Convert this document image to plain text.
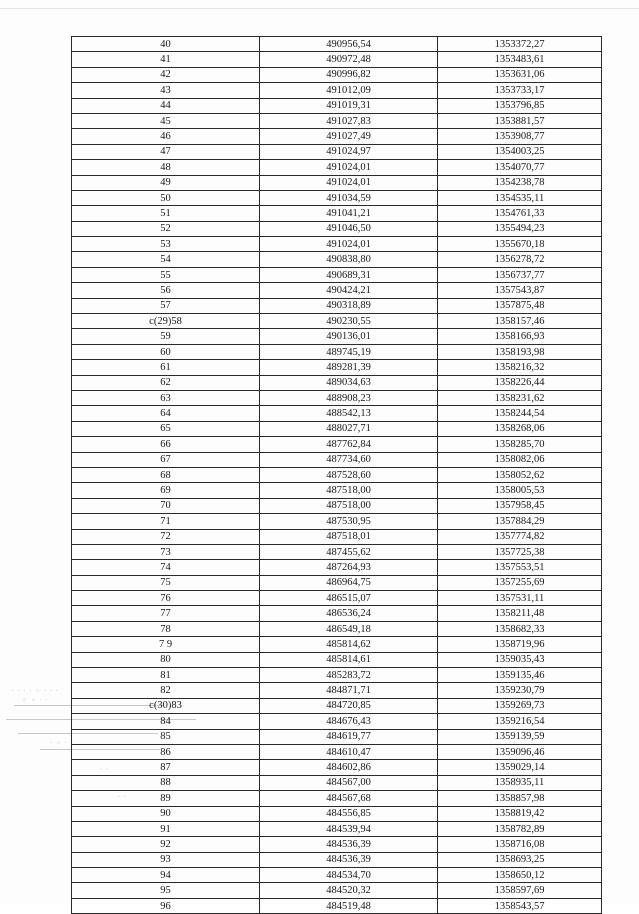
· · · · ⁘ · · ·
⁘ ⁘ · ·
· ⁘ · ·
· ·
· ·
40	490956,54	1353372,27
41	490972,48	1353483,61
42	490996,82	1353631,06
43	491012,09	1353733,17
44	491019,31	1353796,85
45	491027,83	1353881,57
46	491027,49	1353908,77
47	491024,97	1354003,25
48	491024,01	1354070,77
49	491024,01	1354238,78
50	491034,59	1354535,11
51	491041,21	1354761,33
52	491046,50	1355494,23
53	491024,01	1355670,18
54	490838,80	1356278,72
55	490689,31	1356737,77
56	490424,21	1357543,87
57	490318,89	1357875,48
с(29)58	490230,55	1358157,46
59	490136,01	1358166,93
60	489745,19	1358193,98
61	489281,39	1358216,32
62	489034,63	1358226,44
63	488908,23	1358231,62
64	488542,13	1358244,54
65	488027,71	1358268,06
66	487762,84	1358285,70
67	487734,60	1358082,06
68	487528,60	1358052,62
69	487518,00	1358005,53
70	487518,00	1357958,45
71	487530,95	1357884,29
72	487518,01	1357774,82
73	487455,62	1357725,38
74	487264,93	1357553,51
75	486964,75	1357255,69
76	486515,07	1357531,11
77	486536,24	1358211,48
78	486549,18	1358682,33
7 9	485814,62	1358719,96
80	485814,61	1359035,43
81	485283,72	1359135,46
82	484871,71	1359230,79
с(30)83	484720,85	1359269,73
84	484676,43	1359216,54
85	484619,77	1359139,59
86	484610,47	1359096,46
87	484602,86	1359029,14
88	484567,00	1358935,11
89	484567,68	1358857,98
90	484556,85	1358819,42
91	484539,94	1358782,89
92	484536,39	1358716,08
93	484536,39	1358693,25
94	484534,70	1358650,12
95	484520,32	1358597,69
96	484519,48	1358543,57
